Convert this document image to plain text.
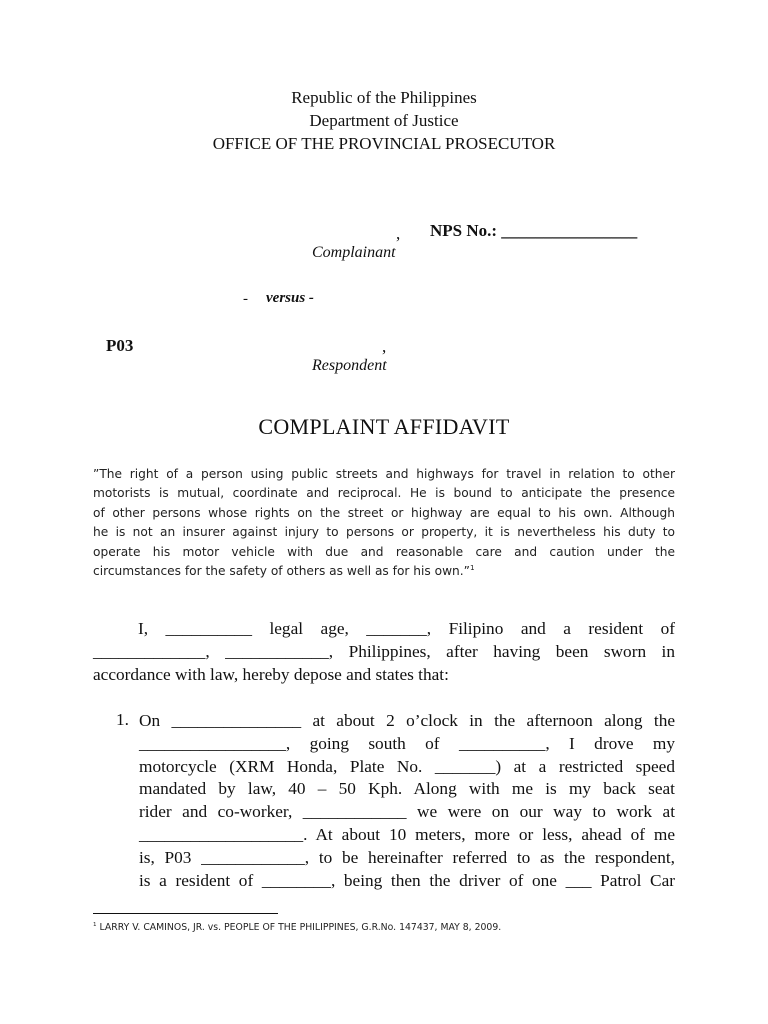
Republic of the Philippines
Department of Justice
OFFICE OF THE PROVINCIAL PROSECUTOR
, NPS No.: ________________
Complainant
- versus -
P03	,
Respondent
COMPLAINT AFFIDAVIT
”The right of a person using public streets and highways for travel in relation to other
motorists is mutual, coordinate and reciprocal. He is bound to anticipate the presence
of other persons whose rights on the street or highway are equal to his own. Although
he is not an insurer against injury to persons or property, it is nevertheless his duty to
operate his motor vehicle with due and reasonable care and caution under the
circumstances for the safety of others as well as for his own.”$^1$
I, __________ legal age, _______, Filipino and a resident of
_____________, ____________, Philippines, after having been sworn in
accordance with law, hereby depose and states that:
1. On _______________ at about 2 o’clock in the afternoon along the
_________________, going south of __________, I drove my
motorcycle (XRM Honda, Plate No. _______) at a restricted speed
mandated by law, 40 – 50 Kph. Along with me is my back seat
rider and co-worker, ____________ we were on our way to work at
___________________. At about 10 meters, more or less, ahead of me
is, P03 ____________, to be hereinafter referred to as the respondent,
is a resident of ________, being then the driver of one ___ Patrol Car
$^1$ LARRY V. CAMINOS, JR. vs. PEOPLE OF THE PHILIPPINES, G.R.No. 147437, MAY 8, 2009.
